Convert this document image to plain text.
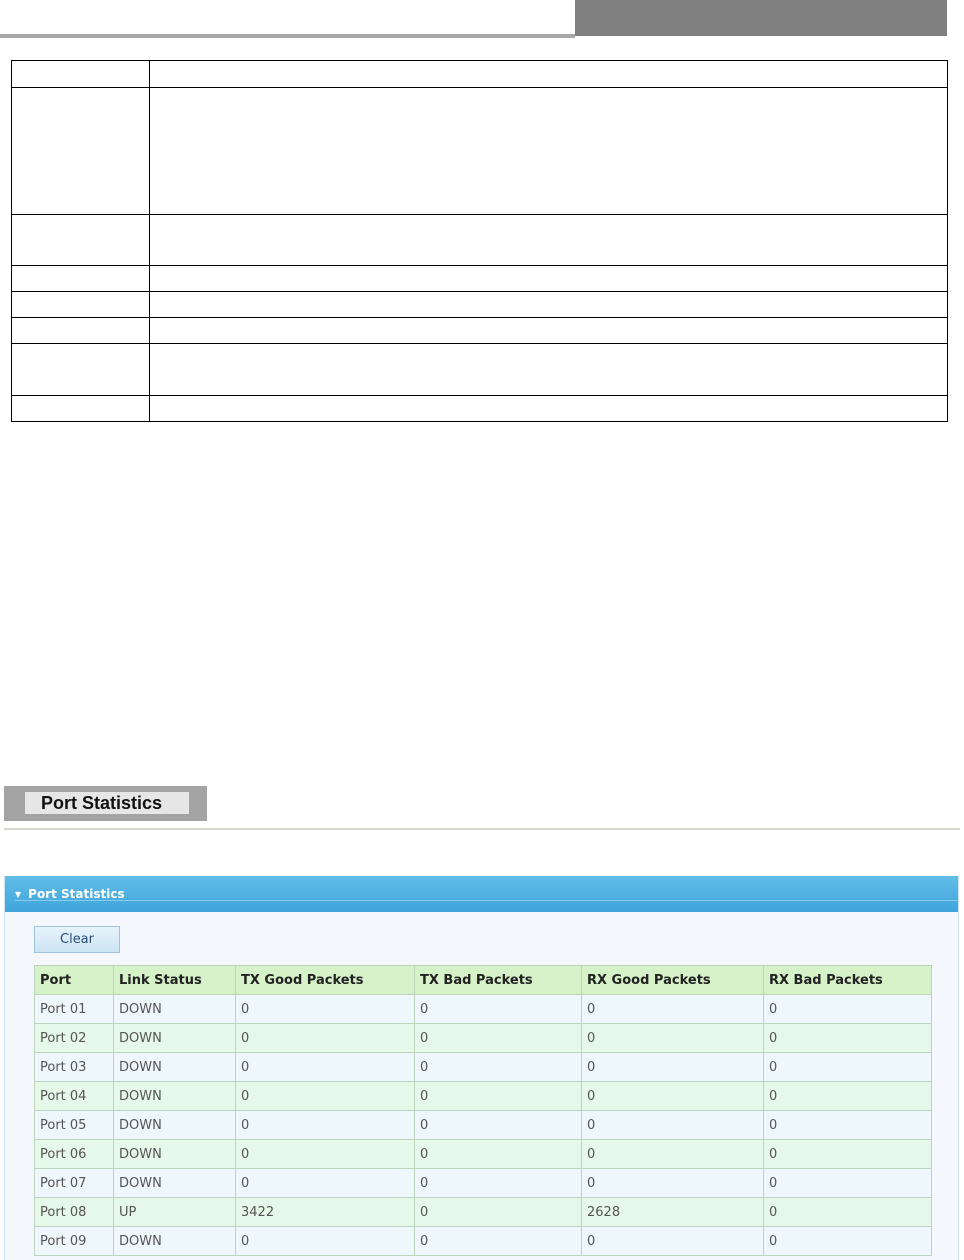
Port Statistics
▼ Port Statistics
Clear
Port	Link Status	TX Good Packets	TX Bad Packets	RX Good Packets	RX Bad Packets
Port 01	DOWN	0	0	0	0
Port 02	DOWN	0	0	0	0
Port 03	DOWN	0	0	0	0
Port 04	DOWN	0	0	0	0
Port 05	DOWN	0	0	0	0
Port 06	DOWN	0	0	0	0
Port 07	DOWN	0	0	0	0
Port 08	UP	3422	0	2628	0
Port 09	DOWN	0	0	0	0
